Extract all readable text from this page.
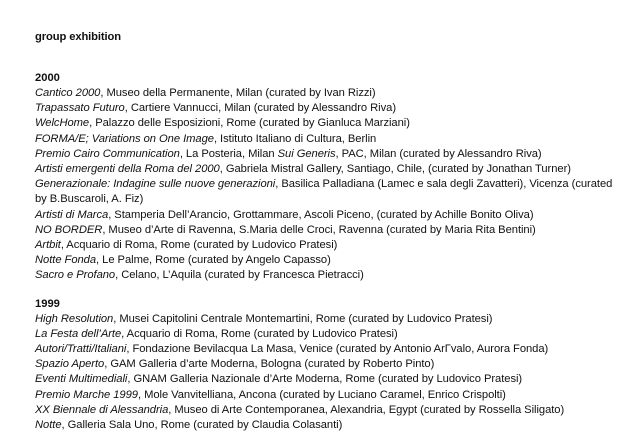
group exhibition

2000

Cantico 2000, Museo della Permanente, Milan (curated by Ivan Rizzi)

Trapassato Futuro, Cartiere Vannucci, Milan (curated by Alessandro Riva)

WelcHome, Palazzo delle Esposizioni, Rome (curated by Gianluca Marziani)

FORMA/E; Variations on One Image, Istituto Italiano di Cultura, Berlin

Premio Cairo Communication, La Posteria, Milan Sui Generis, PAC, Milan (curated by Alessandro Riva)

Artisti emergenti della Roma del 2000, Gabriela Mistral Gallery, Santiago, Chile, (curated by Jonathan Turner)

Generazionale: Indagine sulle nuove generazioni, Basilica Palladiana (Lamec e sala degli Zavatteri), Vicenza (curated by B.Buscaroli, A. Fiz)

Artisti di Marca, Stamperia Dell’Arancio, Grottammare, Ascoli Piceno, (curated by Achille Bonito Oliva)

NO BORDER, Museo d’Arte di Ravenna, S.Maria delle Croci, Ravenna (curated by Maria Rita Bentini)

Artbit, Acquario di Roma, Rome (curated by Ludovico Pratesi)

Notte Fonda, Le Palme, Rome (curated by Angelo Capasso)

Sacro e Profano, Celano, L’Aquila (curated by Francesca Pietracci)

1999

High Resolution, Musei Capitolini Centrale Montemartini, Rome (curated by Ludovico Pratesi)

La Festa dell’Arte, Acquario di Roma, Rome (curated by Ludovico Pratesi)

Autori/Tratti/Italiani, Fondazione Bevilacqua La Masa, Venice (curated by Antonio ArΓvalo, Aurora Fonda)

Spazio Aperto, GAM Galleria d’arte Moderna, Bologna (curated by Roberto Pinto)

Eventi Multimediali, GNAM Galleria Nazionale d’Arte Moderna, Rome (curated by Ludovico Pratesi)

Premio Marche 1999, Mole Vanvitelliana, Ancona (curated by Luciano Caramel, Enrico Crispolti)

XX Biennale di Alessandria, Museo di Arte Contemporanea, Alexandria, Egypt (curated by Rossella Siligato)

Notte, Galleria Sala Uno, Rome (curated by Claudia Colasanti)
